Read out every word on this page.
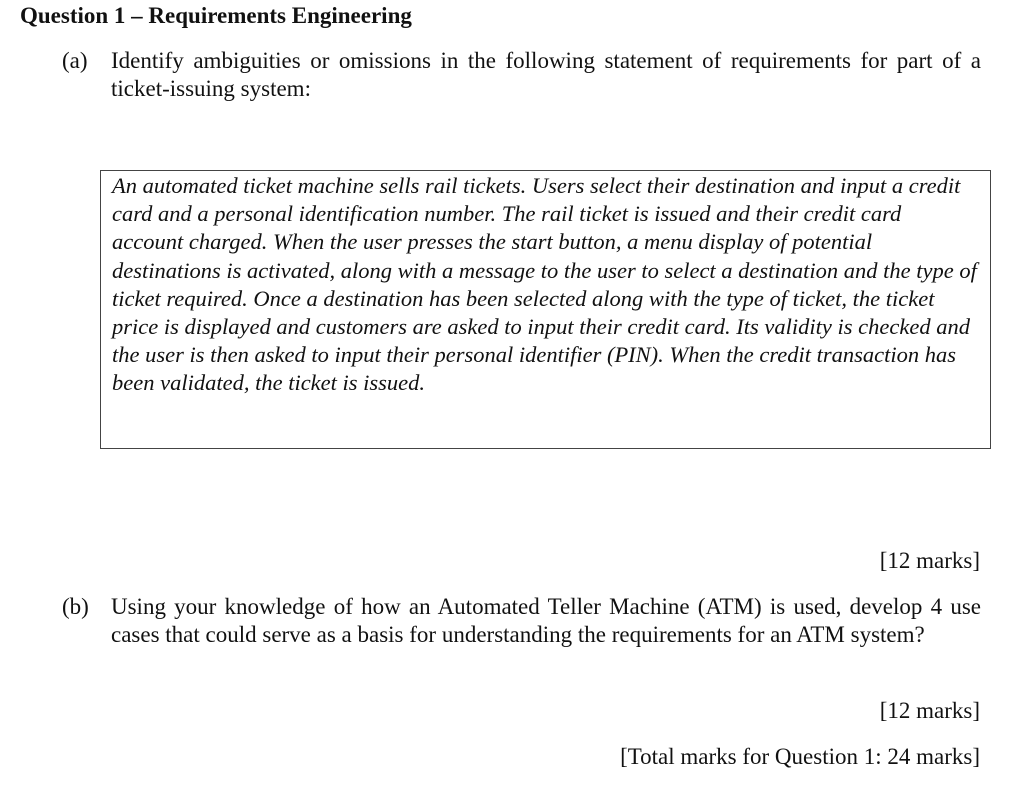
Question 1 – Requirements Engineering
(a) Identify ambiguities or omissions in the following statement of requirements for part of a ticket-issuing system:

An automated ticket machine sells rail tickets. Users select their destination and input a credit card and a personal identification number. The rail ticket is issued and their credit card account charged. When the user presses the start button, a menu display of potential destinations is activated, along with a message to the user to select a destination and the type of ticket required. Once a destination has been selected along with the type of ticket, the ticket price is displayed and customers are asked to input their credit card. Its validity is checked and the user is then asked to input their personal identifier (PIN). When the credit transaction has been validated, the ticket is issued.

[12 marks]
(b) Using your knowledge of how an Automated Teller Machine (ATM) is used, develop 4 use cases that could serve as a basis for understanding the requirements for an ATM system?
[12 marks]
[Total marks for Question 1: 24 marks]
